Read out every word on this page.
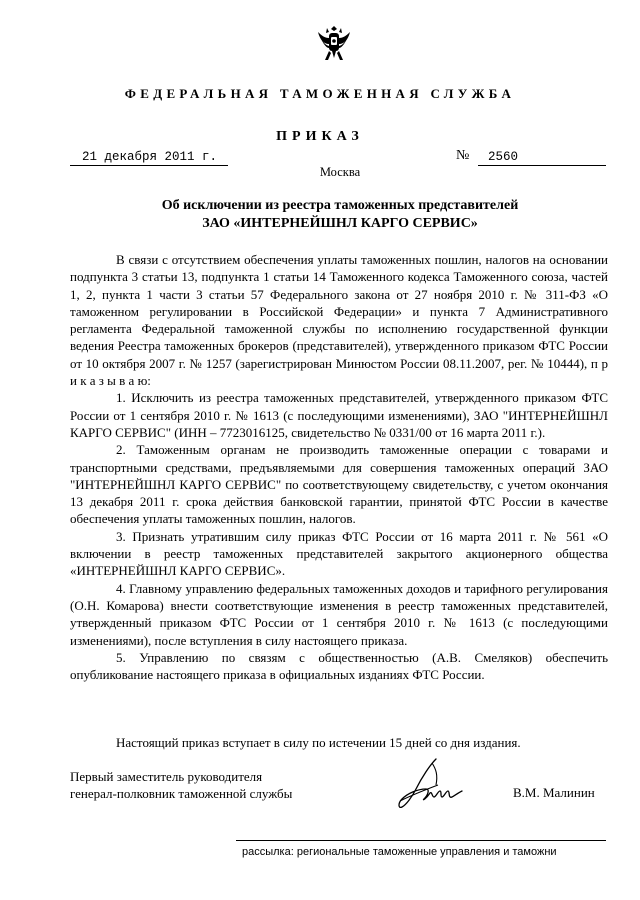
ФЕДЕРАЛЬНАЯ ТАМОЖЕННАЯ СЛУЖБА
ПРИКАЗ
21 декабря 2011 г.	№	2560
Москва
Об исключении из реестра таможенных представителей
ЗАО «ИНТЕРНЕЙШНЛ КАРГО СЕРВИС»

В связи с отсутствием обеспечения уплаты таможенных пошлин, налогов на основании подпункта 3 статьи 13, подпункта 1 статьи 14 Таможенного кодекса Таможенного союза, частей 1, 2, пункта 1 части 3 статьи 57 Федерального закона от 27 ноября 2010 г. № 311-ФЗ «О таможенном регулировании в Российской Федерации» и пункта 7 Административного регламента Федеральной таможенной службы по исполнению государственной функции ведения Реестра таможенных брокеров (представителей), утвержденного приказом ФТС России от 10 октября 2007 г. № 1257 (зарегистрирован Минюстом России 08.11.2007, рег. № 10444), п р и к а з ы в а ю:

1. Исключить из реестра таможенных представителей, утвержденного приказом ФТС России от 1 сентября 2010 г. № 1613 (с последующими изменениями), ЗАО "ИНТЕРНЕЙШНЛ КАРГО СЕРВИС" (ИНН – 7723016125, свидетельство № 0331/00 от 16 марта 2011 г.).

2. Таможенным органам не производить таможенные операции с товарами и транспортными средствами, предъявляемыми для совершения таможенных операций ЗАО "ИНТЕРНЕЙШНЛ КАРГО СЕРВИС" по соответствующему свидетельству, с учетом окончания 13 декабря 2011 г. срока действия банковской гарантии, принятой ФТС России в качестве обеспечения уплаты таможенных пошлин, налогов.

3. Признать утратившим силу приказ ФТС России от 16 марта 2011 г. № 561 «О включении в реестр таможенных представителей закрытого акционерного общества «ИНТЕРНЕЙШНЛ КАРГО СЕРВИС».

4. Главному управлению федеральных таможенных доходов и тарифного регулирования (О.Н. Комарова) внести соответствующие изменения в реестр таможенных представителей, утвержденный приказом ФТС России от 1 сентября 2010 г. № 1613 (с последующими изменениями), после вступления в силу настоящего приказа.

5. Управлению по связям с общественностью (А.В. Смеляков) обеспечить опубликование настоящего приказа в официальных изданиях ФТС России.

Настоящий приказ вступает в силу по истечении 15 дней со дня издания.
Первый заместитель руководителя
генерал-полковник таможенной службы	В.М. Малинин
рассылка: региональные таможенные управления и таможни
